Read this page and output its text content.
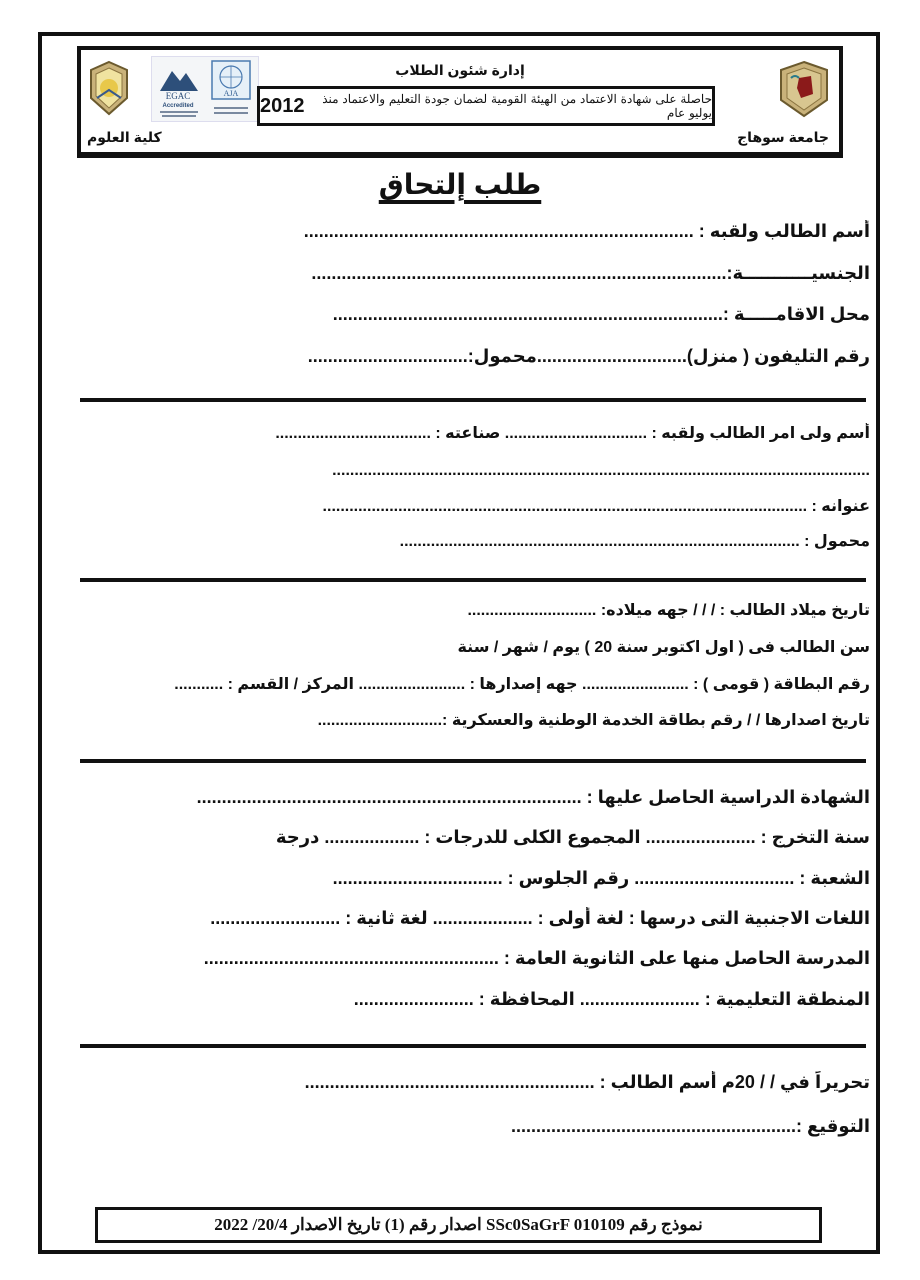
EGAC
Accredited
AJA
إدارة شئون الطلاب
حاصلة على شهادة الاعتماد من الهيئة القومية لضمان جودة التعليم والاعتماد منذ يوليو عام
2012
كلية العلوم	جامعة سوهاج
طلب إلتحاق
أسم الطالب ولقبه : ..............................................................................
الجنسيـــــــــــة:...................................................................................
محل الاقامـــــة :..............................................................................
رقم التليفون ( منزل)..............................محمول:................................
أسم ولى امر الطالب ولقبه : ................................ صناعته : ...................................
.........................................................................................................................
عنوانه : .............................................................................................................
محمول : ..........................................................................................
تاريخ ميلاد الطالب : / / / جهه ميلاده: .............................
سن الطالب فى ( اول اكتوبر سنة 20 ) يوم / شهر / سنة
رقم البطاقة ( قومى ) : ........................ جهه إصدارها : ........................ المركز / القسم : ...........
تاريخ اصدارها / / رقم بطاقة الخدمة الوطنية والعسكرية :............................
الشهادة الدراسية الحاصل عليها : .............................................................................
سنة التخرج : ...................... المجموع الكلى للدرجات : ................... درجة
الشعبة : ................................ رقم الجلوس : ..................................
اللغات الاجنبية التى درسها : لغة أولى : .................... لغة ثانية : ..........................
المدرسة الحاصل منها على الثانوية العامة : ...........................................................
المنطقة التعليمية : ........................ المحافظة : ........................
تحريراً في / / 20م أسم الطالب : ..........................................................
التوقيع :.........................................................
نموذج رقم SSc0SaGrF 010109 اصدار رقم (1) تاريخ الاصدار 20/4/ 2022
